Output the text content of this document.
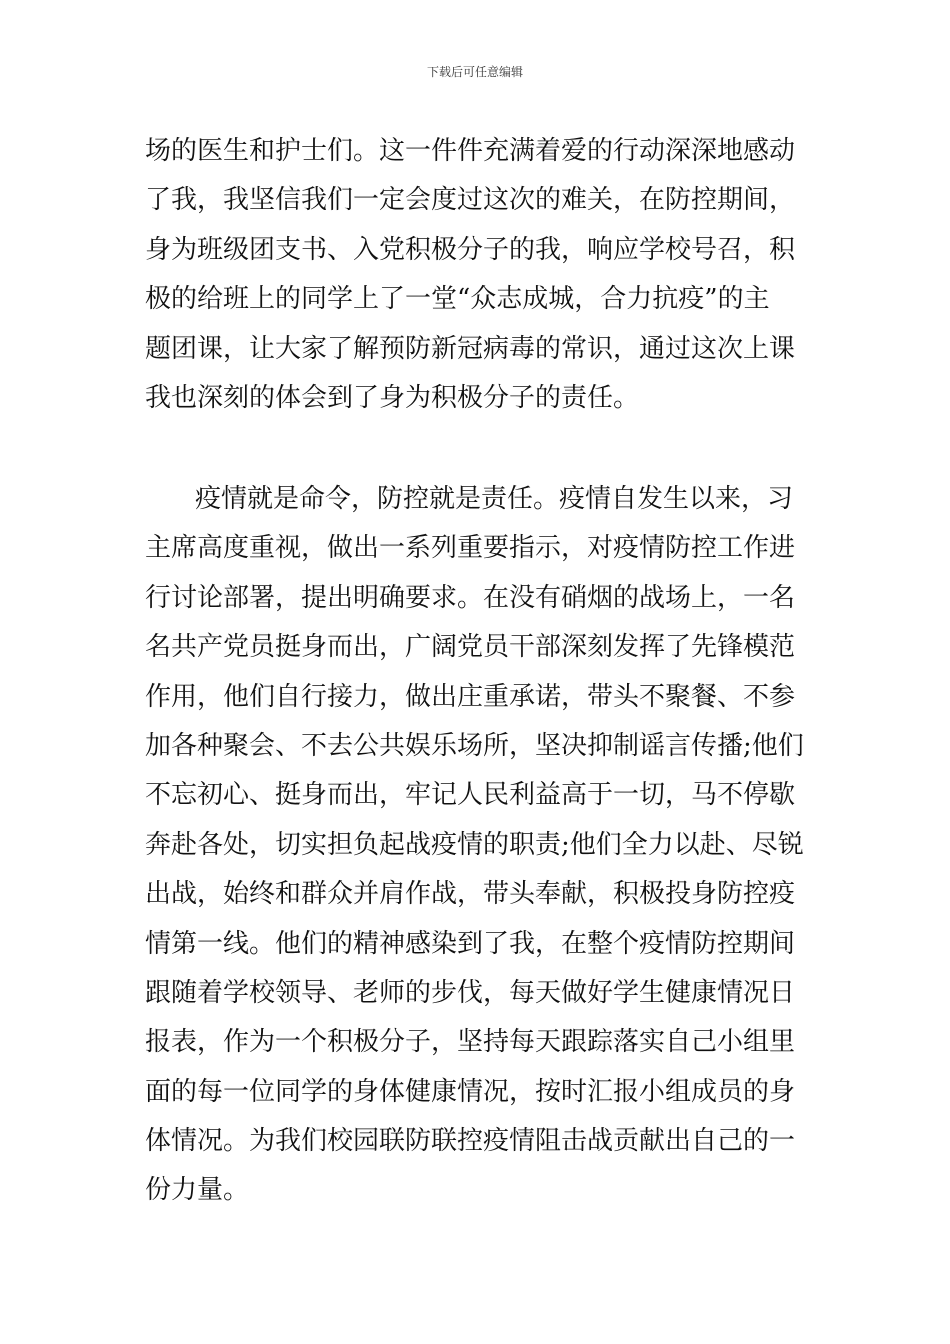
下载后可任意编辑

场的医生和护士们。这一件件充满着爱的行动深深地感动
了我，我坚信我们一定会度过这次的难关，在防控期间，
身为班级团支书、入党积极分子的我，响应学校号召，积
极的给班上的同学上了一堂“众志成城，合力抗疫”的主
题团课，让大家了解预防新冠病毒的常识，通过这次上课
我也深刻的体会到了身为积极分子的责任。

疫情就是命令，防控就是责任。疫情自发生以来，习
主席高度重视，做出一系列重要指示，对疫情防控工作进
行讨论部署，提出明确要求。在没有硝烟的战场上，一名
名共产党员挺身而出，广阔党员干部深刻发挥了先锋模范
作用，他们自行接力，做出庄重承诺，带头不聚餐、不参
加各种聚会、不去公共娱乐场所，坚决抑制谣言传播;他们
不忘初心、挺身而出，牢记人民利益高于一切，马不停歇
奔赴各处，切实担负起战疫情的职责;他们全力以赴、尽锐
出战，始终和群众并肩作战，带头奉献，积极投身防控疫
情第一线。他们的精神感染到了我，在整个疫情防控期间
跟随着学校领导、老师的步伐，每天做好学生健康情况日
报表，作为一个积极分子，坚持每天跟踪落实自己小组里
面的每一位同学的身体健康情况，按时汇报小组成员的身
体情况。为我们校园联防联控疫情阻击战贡献出自己的一
份力量。
